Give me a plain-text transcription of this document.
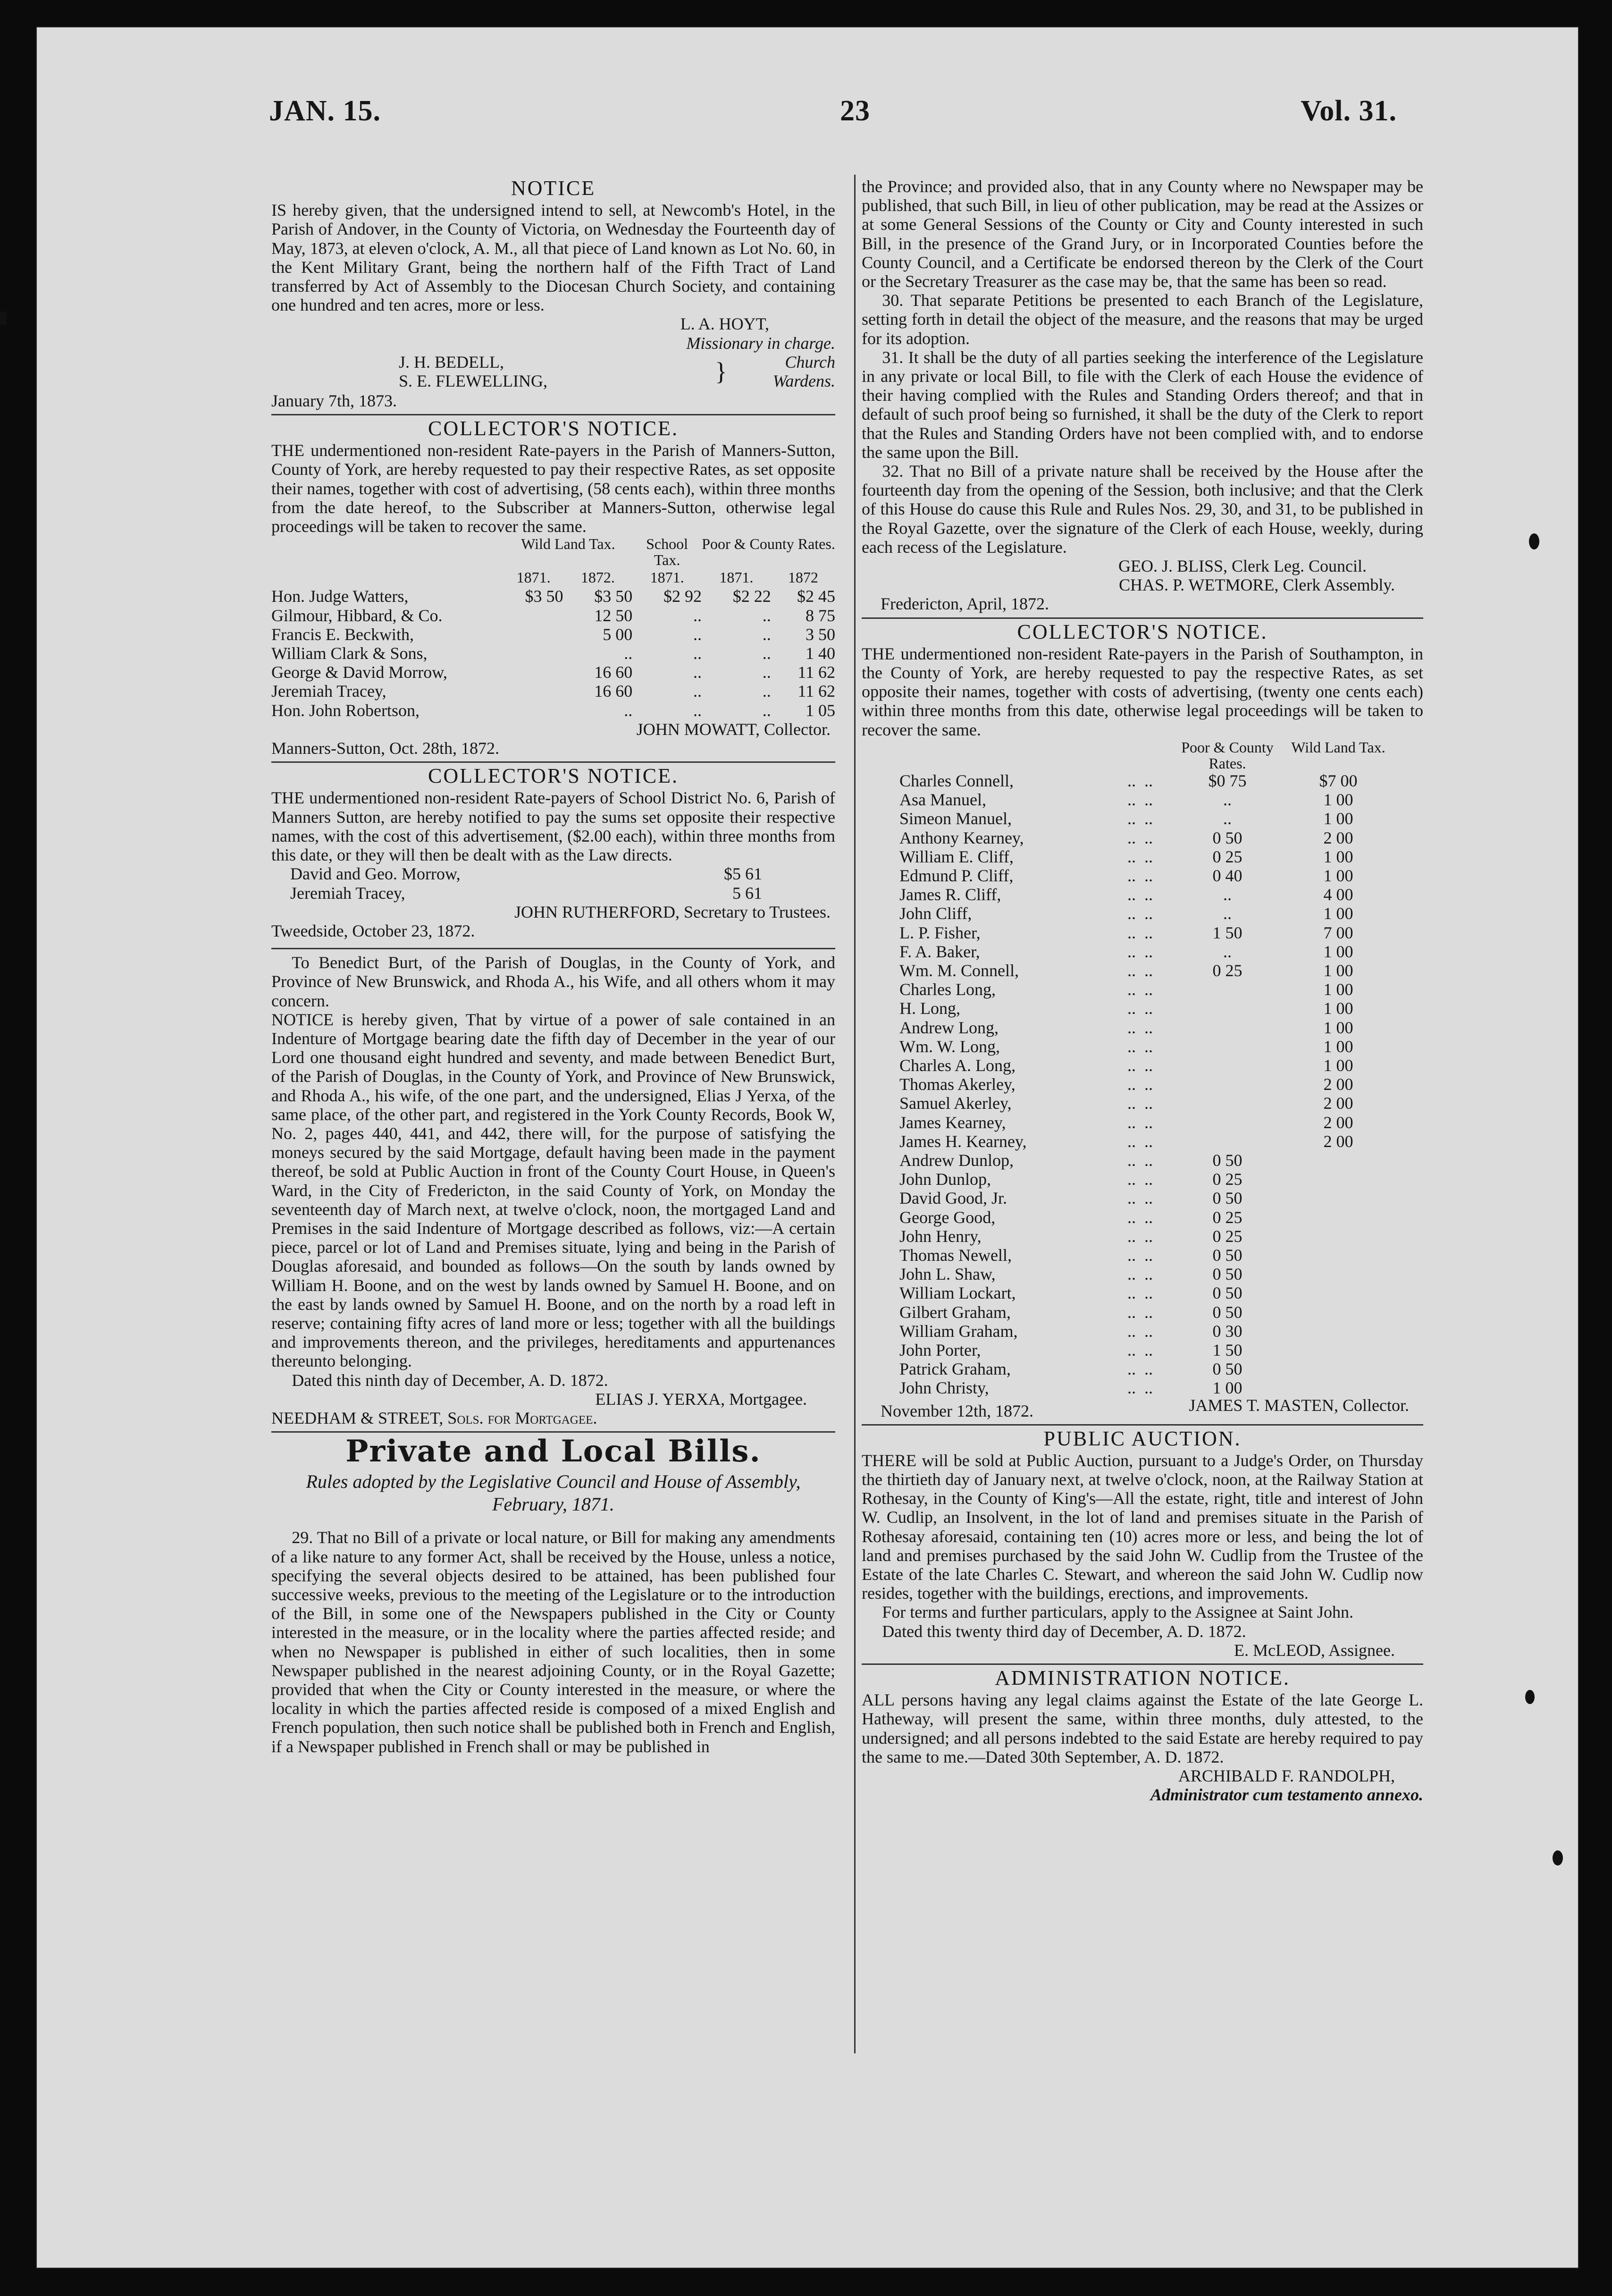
JAN. 15.	23	Vol. 31.
NOTICE

IS hereby given, that the undersigned intend to sell, at Newcomb's Hotel, in the Parish of Andover, in the County of Victoria, on Wednesday the Fourteenth day of May, 1873, at eleven o'clock, A. M., all that piece of Land known as Lot No. 60, in the Kent Military Grant, being the northern half of the Fifth Tract of Land transferred by Act of Assembly to the Diocesan Church Society, and containing one hundred and ten acres, more or less.

L. A. HOYT,

Missionary in charge.

J. H. BEDELL,
S. E. FLEWELLING,	}	Church
Wardens.

January 7th, 1873.

COLLECTOR'S NOTICE.

THE undermentioned non-resident Rate-payers in the Parish of Manners-Sutton, County of York, are hereby requested to pay their respective Rates, as set opposite their names, together with cost of advertising, (58 cents each), within three months from the date hereof, to the Subscriber at Manners-Sutton, otherwise legal proceedings will be taken to recover the same.

	Wild Land Tax.		School Tax.	Poor & County Rates.	
	1871.	1872.	1871.	1871.	1872
Hon. Judge Watters,	$3 50	$3 50	$2 92	$2 22	$2 45
Gilmour, Hibbard, & Co.		12 50	..	..	8 75
Francis E. Beckwith,		5 00	..	..	3 50
William Clark & Sons,		..	..	..	1 40
George & David Morrow,		16 60	..	..	11 62
Jeremiah Tracey,		16 60	..	..	11 62
Hon. John Robertson,		..	..	..	1 05

JOHN MOWATT, Collector.

Manners-Sutton, Oct. 28th, 1872.

COLLECTOR'S NOTICE.

THE undermentioned non-resident Rate-payers of School District No. 6, Parish of Manners Sutton, are hereby notified to pay the sums set opposite their respective names, with the cost of this advertisement, ($2.00 each), within three months from this date, or they will then be dealt with as the Law directs.

David and Geo. Morrow,	$5 61
Jeremiah Tracey,	5 61

JOHN RUTHERFORD, Secretary to Trustees.

Tweedside, October 23, 1872.

To Benedict Burt, of the Parish of Douglas, in the County of York, and Province of New Brunswick, and Rhoda A., his Wife, and all others whom it may concern.

NOTICE is hereby given, That by virtue of a power of sale contained in an Indenture of Mortgage bearing date the fifth day of December in the year of our Lord one thousand eight hundred and seventy, and made between Benedict Burt, of the Parish of Douglas, in the County of York, and Province of New Brunswick, and Rhoda A., his wife, of the one part, and the undersigned, Elias J Yerxa, of the same place, of the other part, and registered in the York County Records, Book W, No. 2, pages 440, 441, and 442, there will, for the purpose of satisfying the moneys secured by the said Mortgage, default having been made in the payment thereof, be sold at Public Auction in front of the County Court House, in Queen's Ward, in the City of Fredericton, in the said County of York, on Monday the seventeenth day of March next, at twelve o'clock, noon, the mortgaged Land and Premises in the said Indenture of Mortgage described as follows, viz:—A certain piece, parcel or lot of Land and Premises situate, lying and being in the Parish of Douglas aforesaid, and bounded as follows—On the south by lands owned by William H. Boone, and on the west by lands owned by Samuel H. Boone, and on the east by lands owned by Samuel H. Boone, and on the north by a road left in reserve; containing fifty acres of land more or less; together with all the buildings and improvements thereon, and the privileges, hereditaments and appurtenances thereunto belonging.

Dated this ninth day of December, A. D. 1872.

ELIAS J. YERXA, Mortgagee.

NEEDHAM & STREET, Sols. for Mortgagee.

Private and Local Bills.

Rules adopted by the Legislative Council and House of Assembly, February, 1871.

29. That no Bill of a private or local nature, or Bill for making any amendments of a like nature to any former Act, shall be received by the House, unless a notice, specifying the several objects desired to be attained, has been published four successive weeks, previous to the meeting of the Legislature or to the introduction of the Bill, in some one of the Newspapers published in the City or County interested in the measure, or in the locality where the parties affected reside; and when no Newspaper is published in either of such localities, then in some Newspaper published in the nearest adjoining County, or in the Royal Gazette; provided that when the City or County interested in the measure, or where the locality in which the parties affected reside is composed of a mixed English and French population, then such notice shall be published both in French and English, if a Newspaper published in French shall or may be published in

the Province; and provided also, that in any County where no Newspaper may be published, that such Bill, in lieu of other publication, may be read at the Assizes or at some General Sessions of the County or City and County interested in such Bill, in the presence of the Grand Jury, or in Incorporated Counties before the County Council, and a Certificate be endorsed thereon by the Clerk of the Court or the Secretary Treasurer as the case may be, that the same has been so read.

30. That separate Petitions be presented to each Branch of the Legislature, setting forth in detail the object of the measure, and the reasons that may be urged for its adoption.

31. It shall be the duty of all parties seeking the interference of the Legislature in any private or local Bill, to file with the Clerk of each House the evidence of their having complied with the Rules and Standing Orders thereof; and that in default of such proof being so furnished, it shall be the duty of the Clerk to report that the Rules and Standing Orders have not been complied with, and to endorse the same upon the Bill.

32. That no Bill of a private nature shall be received by the House after the fourteenth day from the opening of the Session, both inclusive; and that the Clerk of this House do cause this Rule and Rules Nos. 29, 30, and 31, to be published in the Royal Gazette, over the signature of the Clerk of each House, weekly, during each recess of the Legislature.

GEO. J. BLISS, Clerk Leg. Council.

CHAS. P. WETMORE, Clerk Assembly.

Fredericton, April, 1872.

COLLECTOR'S NOTICE.

THE undermentioned non-resident Rate-payers in the Parish of Southampton, in the County of York, are hereby requested to pay the respective Rates, as set opposite their names, together with costs of advertising, (twenty one cents each) within three months from this date, otherwise legal proceedings will be taken to recover the same.

			Poor & County Rates.	Wild Land Tax.	
	Charles Connell,	..  ..	$0 75	$7 00	
	Asa Manuel,	..  ..	..	1 00	
	Simeon Manuel,	..  ..	..	1 00	
	Anthony Kearney,	..  ..	0 50	2 00	
	William E. Cliff,	..  ..	0 25	1 00	
	Edmund P. Cliff,	..  ..	0 40	1 00	
	James R. Cliff,	..  ..	..	4 00	
	John Cliff,	..  ..	..	1 00	
	L. P. Fisher,	..  ..	1 50	7 00	
	F. A. Baker,	..  ..	..	1 00	
	Wm. M. Connell,	..  ..	0 25	1 00	
	Charles Long,	..  ..		1 00	
	H. Long,	..  ..		1 00	
	Andrew Long,	..  ..		1 00	
	Wm. W. Long,	..  ..		1 00	
	Charles A. Long,	..  ..		1 00	
	Thomas Akerley,	..  ..		2 00	
	Samuel Akerley,	..  ..		2 00	
	James Kearney,	..  ..		2 00	
	James H. Kearney,	..  ..		2 00	
	Andrew Dunlop,	..  ..	0 50		
	John Dunlop,	..  ..	0 25		
	David Good, Jr.	..  ..	0 50		
	George Good,	..  ..	0 25		
	John Henry,	..  ..	0 25		
	Thomas Newell,	..  ..	0 50		
	John L. Shaw,	..  ..	0 50		
	William Lockart,	..  ..	0 50		
	Gilbert Graham,	..  ..	0 50		
	William Graham,	..  ..	0 30		
	John Porter,	..  ..	1 50		
	Patrick Graham,	..  ..	0 50		
	John Christy,	..  ..	1 00		
November 12th, 1872.	JAMES T. MASTEN, Collector.
PUBLIC AUCTION.

THERE will be sold at Public Auction, pursuant to a Judge's Order, on Thursday the thirtieth day of January next, at twelve o'clock, noon, at the Railway Station at Rothesay, in the County of King's—All the estate, right, title and interest of John W. Cudlip, an Insolvent, in the lot of land and premises situate in the Parish of Rothesay aforesaid, containing ten (10) acres more or less, and being the lot of land and premises purchased by the said John W. Cudlip from the Trustee of the Estate of the late Charles C. Stewart, and whereon the said John W. Cudlip now resides, together with the buildings, erections, and improvements.

For terms and further particulars, apply to the Assignee at Saint John.

Dated this twenty third day of December, A. D. 1872.

E. McLEOD, Assignee.

ADMINISTRATION NOTICE.

ALL persons having any legal claims against the Estate of the late George L. Hatheway, will present the same, within three months, duly attested, to the undersigned; and all persons indebted to the said Estate are hereby required to pay the same to me.—Dated 30th September, A. D. 1872.

ARCHIBALD F. RANDOLPH,

Administrator cum testamento annexo.
